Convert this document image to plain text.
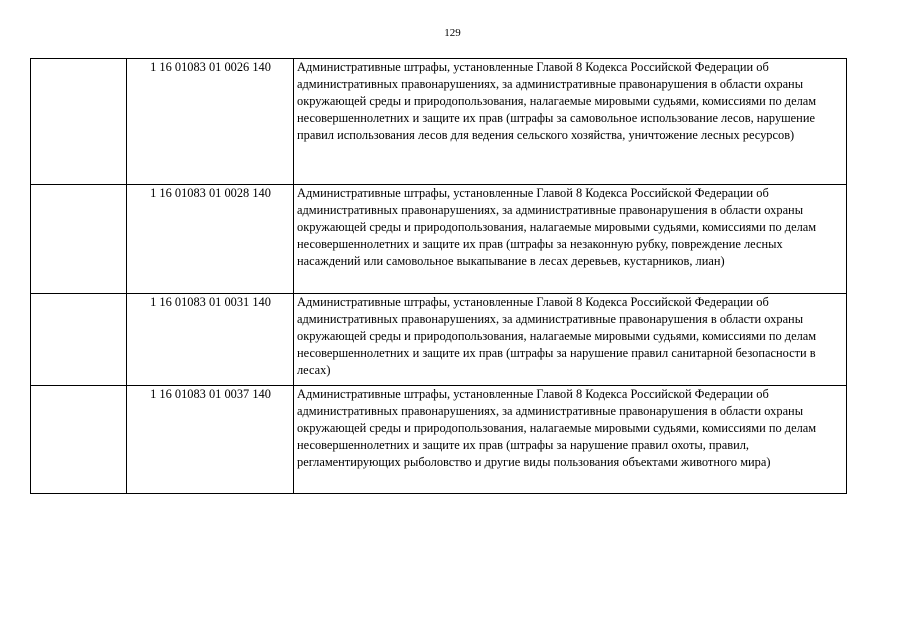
129
	1 16 01083 01 0026 140	Административные штрафы, установленные Главой 8 Кодекса Российской Федерации об административных правонарушениях, за административные правонарушения в области охраны окружающей среды и природопользования, налагаемые мировыми судьями, комиссиями по делам несовершеннолетних и защите их прав (штрафы за самовольное использование лесов, нарушение правил использования лесов для ведения сельского хозяйства, уничтожение лесных ресурсов)
	1 16 01083 01 0028 140	Административные штрафы, установленные Главой 8 Кодекса Российской Федерации об административных правонарушениях, за административные правонарушения в области охраны окружающей среды и природопользования, налагаемые мировыми судьями, комиссиями по делам несовершеннолетних и защите их прав (штрафы за незаконную рубку, повреждение лесных насаждений или самовольное выкапывание в лесах деревьев, кустарников, лиан)
	1 16 01083 01 0031 140	Административные штрафы, установленные Главой 8 Кодекса Российской Федерации об административных правонарушениях, за административные правонарушения в области охраны окружающей среды и природопользования, налагаемые мировыми судьями, комиссиями по делам несовершеннолетних и защите их прав (штрафы за нарушение правил санитарной безопасности в лесах)
	1 16 01083 01 0037 140	Административные штрафы, установленные Главой 8 Кодекса Российской Федерации об административных правонарушениях, за административные правонарушения в области охраны окружающей среды и природопользования, налагаемые мировыми судьями, комиссиями по делам несовершеннолетних и защите их прав (штрафы за нарушение правил охоты, правил, регламентирующих рыболовство и другие виды пользования объектами животного мира)
